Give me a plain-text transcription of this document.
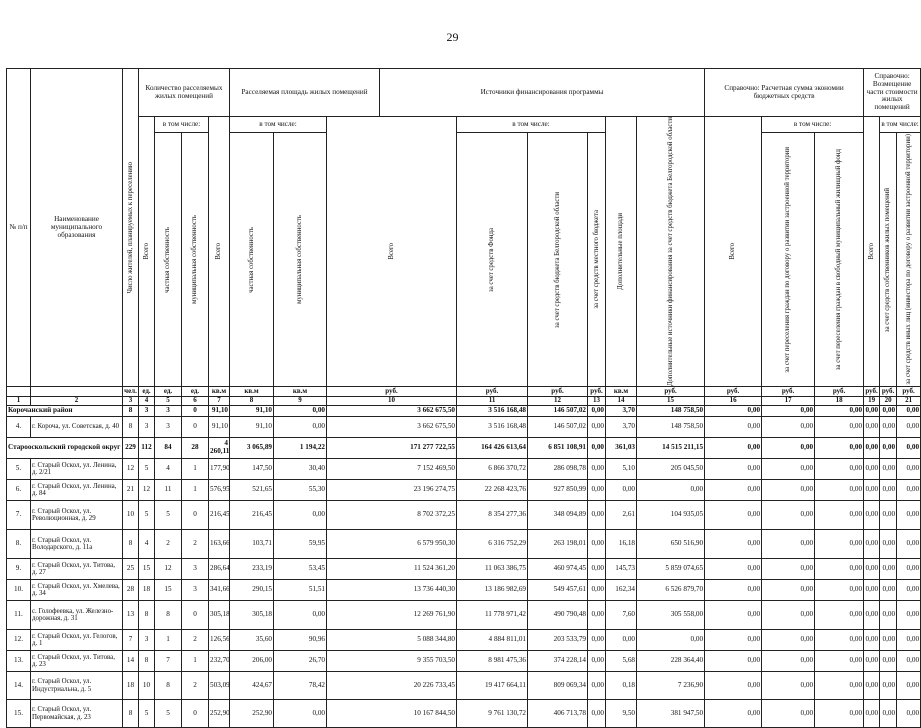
29
№ п/п	Наименование муниципального образования	Число жителей, планируемых к переселению	Количество расселяемых жилых помещений				Расселяемая площадь жилых помещений			Источники финансирования программы						Справочно: Расчетная сумма экономии бюджетных средств			Справочно: Возмещение части стоимости жилых помещений		

			Всего	в том числе:		Всего	в том числе:		Всего		в том числе:			Дополнительные площади	Дополнительные источники финансирования за счет средств бюджета Белгородской области	Всего	в том числе:		Всего	в том числе:	

				частная собственность	муниципальная собственность		частная собственность	муниципальная собственность			за счет средств Фонда	за счет средств бюджета Белгородской области	за счет средств местного бюджета				за счет переселения граждан по договору о развитии застроенной территории	за счет переселения граждан в свободный муниципальный жилищный фонд		за счет средств собственников жилых помещений	за счет средств иных лиц (инвестора по договору о развитии застроенной территории)

		чел.	ед.	ед.	ед.	кв.м	кв.м	кв.м	руб.		руб.	руб.	руб.	кв.м	руб.	руб.	руб.	руб.	руб.	руб.	руб.
1	2	3	4	5	6	7	8	9	10		11	12	13	14	15	16	17	18	19	20	21
Корочанский район		8	3	3	0	91,10	91,10	0,00	3 662 675,50		3 516 168,48	146 507,02	0,00	3,70	148 758,50	0,00	0,00	0,00	0,00	0,00	0,00
4.	г. Короча, ул. Советская, д. 40	8	3	3	0	91,10	91,10	0,00	3 662 675,50		3 516 168,48	146 507,02	0,00	3,70	148 758,50	0,00	0,00	0,00	0,00	0,00	0,00
Старооскольский городской округ		229	112	84	28	4 260,11	3 065,89	1 194,22	171 277 722,55		164 426 613,64	6 851 108,91	0,00	361,03	14 515 211,15	0,00	0,00	0,00	0,00	0,00	0,00
5.	г. Старый Оскол, ул. Ленина, д. 2/21	12	5	4	1	177,90	147,50	30,40	7 152 469,50		6 866 370,72	286 098,78	0,00	5,10	205 045,50	0,00	0,00	0,00	0,00	0,00	0,00
6.	г. Старый Оскол, ул. Ленина, д. 84	21	12	11	1	576,95	521,65	55,30	23 196 274,75		22 268 423,76	927 850,99	0,00	0,00	0,00	0,00	0,00	0,00	0,00	0,00	0,00
7.	г. Старый Оскол, ул. Революционная, д. 29	10	5	5	0	216,45	216,45	0,00	8 702 372,25		8 354 277,36	348 094,89	0,00	2,61	104 935,05	0,00	0,00	0,00	0,00	0,00	0,00
8.	г. Старый Оскол, ул. Володарского, д. 11а	8	4	2	2	163,66	103,71	59,95	6 579 950,30		6 316 752,29	263 198,01	0,00	16,18	650 516,90	0,00	0,00	0,00	0,00	0,00	0,00
9.	г. Старый Оскол, ул. Титова, д. 27	25	15	12	3	286,64	233,19	53,45	11 524 361,20		11 063 386,75	460 974,45	0,00	145,73	5 859 074,65	0,00	0,00	0,00	0,00	0,00	0,00
10.	г. Старый Оскол, ул. Хмелева, д. 34	28	18	15	3	341,66	290,15	51,51	13 736 440,30		13 186 982,69	549 457,61	0,00	162,34	6 526 879,70	0,00	0,00	0,00	0,00	0,00	0,00
11.	с. Голофеевка, ул. Железно-дорожная, д. 31	13	8	8	0	305,18	305,18	0,00	12 269 761,90		11 778 971,42	490 790,48	0,00	7,60	305 558,00	0,00	0,00	0,00	0,00	0,00	0,00
12.	г. Старый Оскол, ул. Гелогов, д. 1	7	3	1	2	126,56	35,60	90,96	5 088 344,80		4 884 811,01	203 533,79	0,00	0,00	0,00	0,00	0,00	0,00	0,00	0,00	0,00
13.	г. Старый Оскол, ул. Титова, д. 23	14	8	7	1	232,70	206,00	26,70	9 355 703,50		8 981 475,36	374 228,14	0,00	5,68	228 364,40	0,00	0,00	0,00	0,00	0,00	0,00
14.	г. Старый Оскол, ул. Индустриальна, д. 5	18	10	8	2	503,09	424,67	78,42	20 226 733,45		19 417 664,11	809 069,34	0,00	0,18	7 236,90	0,00	0,00	0,00	0,00	0,00	0,00
15.	г. Старый Оскол, ул. Первомайская, д. 23	8	5	5	0	252,90	252,90	0,00	10 167 844,50		9 761 130,72	406 713,78	0,00	9,50	381 947,50	0,00	0,00	0,00	0,00	0,00	0,00
